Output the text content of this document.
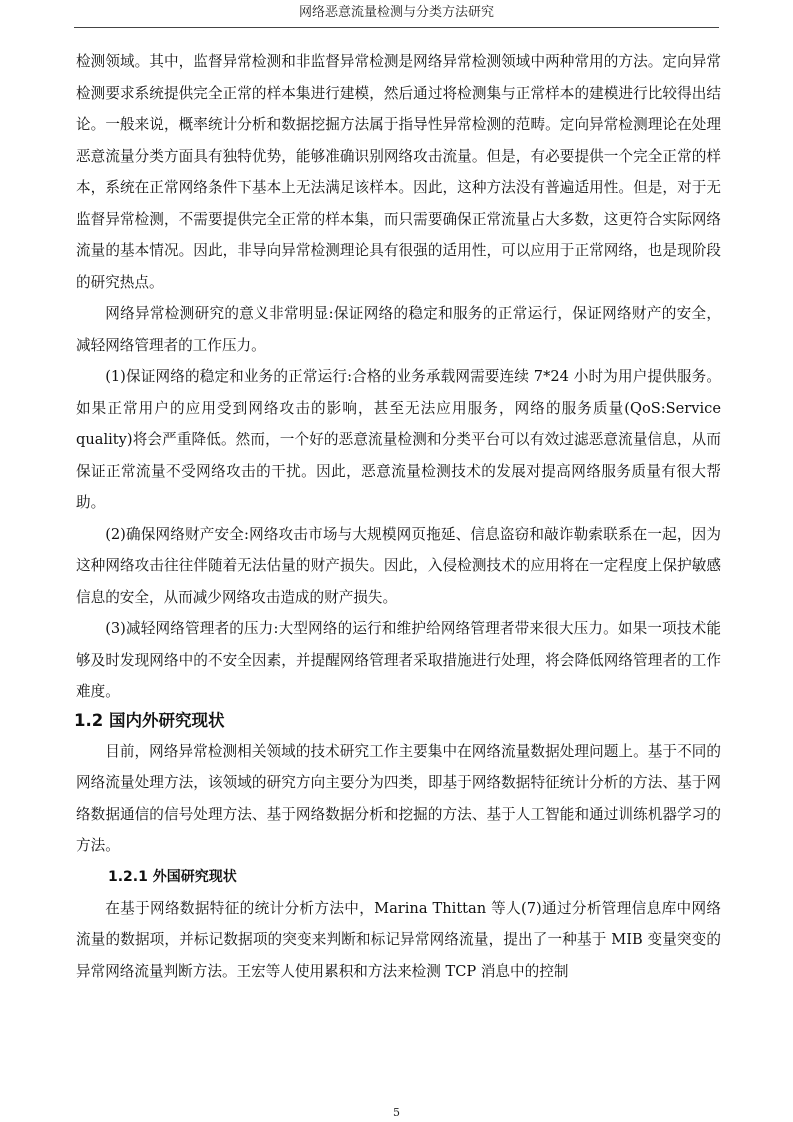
网络恶意流量检测与分类方法研究

检测领域。其中，监督异常检测和非监督异常检测是网络异常检测领域中两种常用的方法。定向异常检测要求系统提供完全正常的样本集进行建模，然后通过将检测集与正常样本的建模进行比较得出结论。一般来说，概率统计分析和数据挖掘方法属于指导性异常检测的范畴。定向异常检测理论在处理恶意流量分类方面具有独特优势，能够准确识别网络攻击流量。但是，有必要提供一个完全正常的样本，系统在正常网络条件下基本上无法满足该样本。因此，这种方法没有普遍适用性。但是，对于无监督异常检测，不需要提供完全正常的样本集，而只需要确保正常流量占大多数，这更符合实际网络流量的基本情况。因此，非导向异常检测理论具有很强的适用性，可以应用于正常网络，也是现阶段的研究热点。

网络异常检测研究的意义非常明显:保证网络的稳定和服务的正常运行，保证网络财产的安全，减轻网络管理者的工作压力。

(1)保证网络的稳定和业务的正常运行:合格的业务承载网需要连续 7*24 小时为用户提供服务。如果正常用户的应用受到网络攻击的影响，甚至无法应用服务，网络的服务质量(QoS:Service quality)将会严重降低。然而，一个好的恶意流量检测和分类平台可以有效过滤恶意流量信息，从而保证正常流量不受网络攻击的干扰。因此，恶意流量检测技术的发展对提高网络服务质量有很大帮助。

(2)确保网络财产安全:网络攻击市场与大规模网页拖延、信息盗窃和敲诈勒索联系在一起，因为这种网络攻击往往伴随着无法估量的财产损失。因此，入侵检测技术的应用将在一定程度上保护敏感信息的安全，从而减少网络攻击造成的财产损失。

(3)减轻网络管理者的压力:大型网络的运行和维护给网络管理者带来很大压力。如果一项技术能够及时发现网络中的不安全因素，并提醒网络管理者采取措施进行处理，将会降低网络管理者的工作难度。

1.2 国内外研究现状

目前，网络异常检测相关领域的技术研究工作主要集中在网络流量数据处理问题上。基于不同的网络流量处理方法，该领域的研究方向主要分为四类，即基于网络数据特征统计分析的方法、基于网络数据通信的信号处理方法、基于网络数据分析和挖掘的方法、基于人工智能和通过训练机器学习的方法。

1.2.1 外国研究现状

在基于网络数据特征的统计分析方法中，Marina Thittan 等人(7)通过分析管理信息库中网络流量的数据项，并标记数据项的突变来判断和标记异常网络流量，提出了一种基于 MIB 变量突变的异常网络流量判断方法。王宏等人使用累积和方法来检测 TCP 消息中的控制

5
